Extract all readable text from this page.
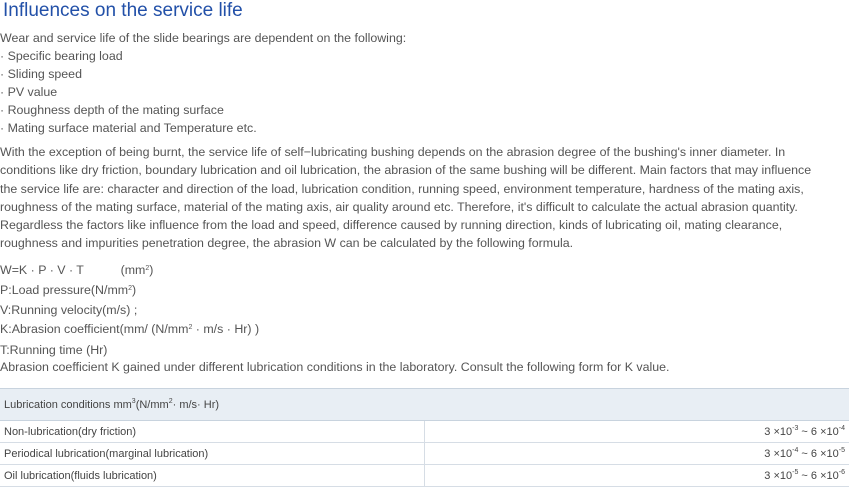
Influences on the service life
Wear and service life of the slide bearings are dependent on the following:
· Specific bearing load
· Sliding speed
· PV value
· Roughness depth of the mating surface
· Mating surface material and Temperature etc.
With the exception of being burnt, the service life of self−lubricating bushing depends on the abrasion degree of the bushing's inner diameter. In
conditions like dry friction, boundary lubrication and oil lubrication, the abrasion of the same bushing will be different. Main factors that may influence
the service life are: character and direction of the load, lubrication condition, running speed, environment temperature, hardness of the mating axis,
roughness of the mating surface, material of the mating axis, air quality around etc. Therefore, it's difficult to calculate the actual abrasion quantity.
Regardless the factors like influence from the load and speed, difference caused by running direction, kinds of lubricating oil, mating clearance,
roughness and impurities penetration degree, the abrasion W can be calculated by the following formula.
W=K · P · V · T	$(mm^2)$
P:Load $pressure(N/mm^2)$
V:Running velocity(m/s) ;
K:Abrasion coefficient(mm/ $(N/mm^2 \cdot m/s \cdot Hr)$ )
T:Running time (Hr)
Abrasion coefficient K gained under different lubrication conditions in the laboratory. Consult the following form for K value.
Lubrication conditions $mm^3(N/mm^2\cdot m/s\cdot Hr)$	
Non-lubrication(dry friction)	$3 \times 10^{-3}$ ~ $6 \times 10^{-4}$
Periodical lubrication(marginal lubrication)	$3 \times 10^{-4}$ ~ $6 \times 10^{-5}$
Oil lubrication(fluids lubrication)	$3 \times 10^{-5}$ ~ $6 \times 10^{-6}$
